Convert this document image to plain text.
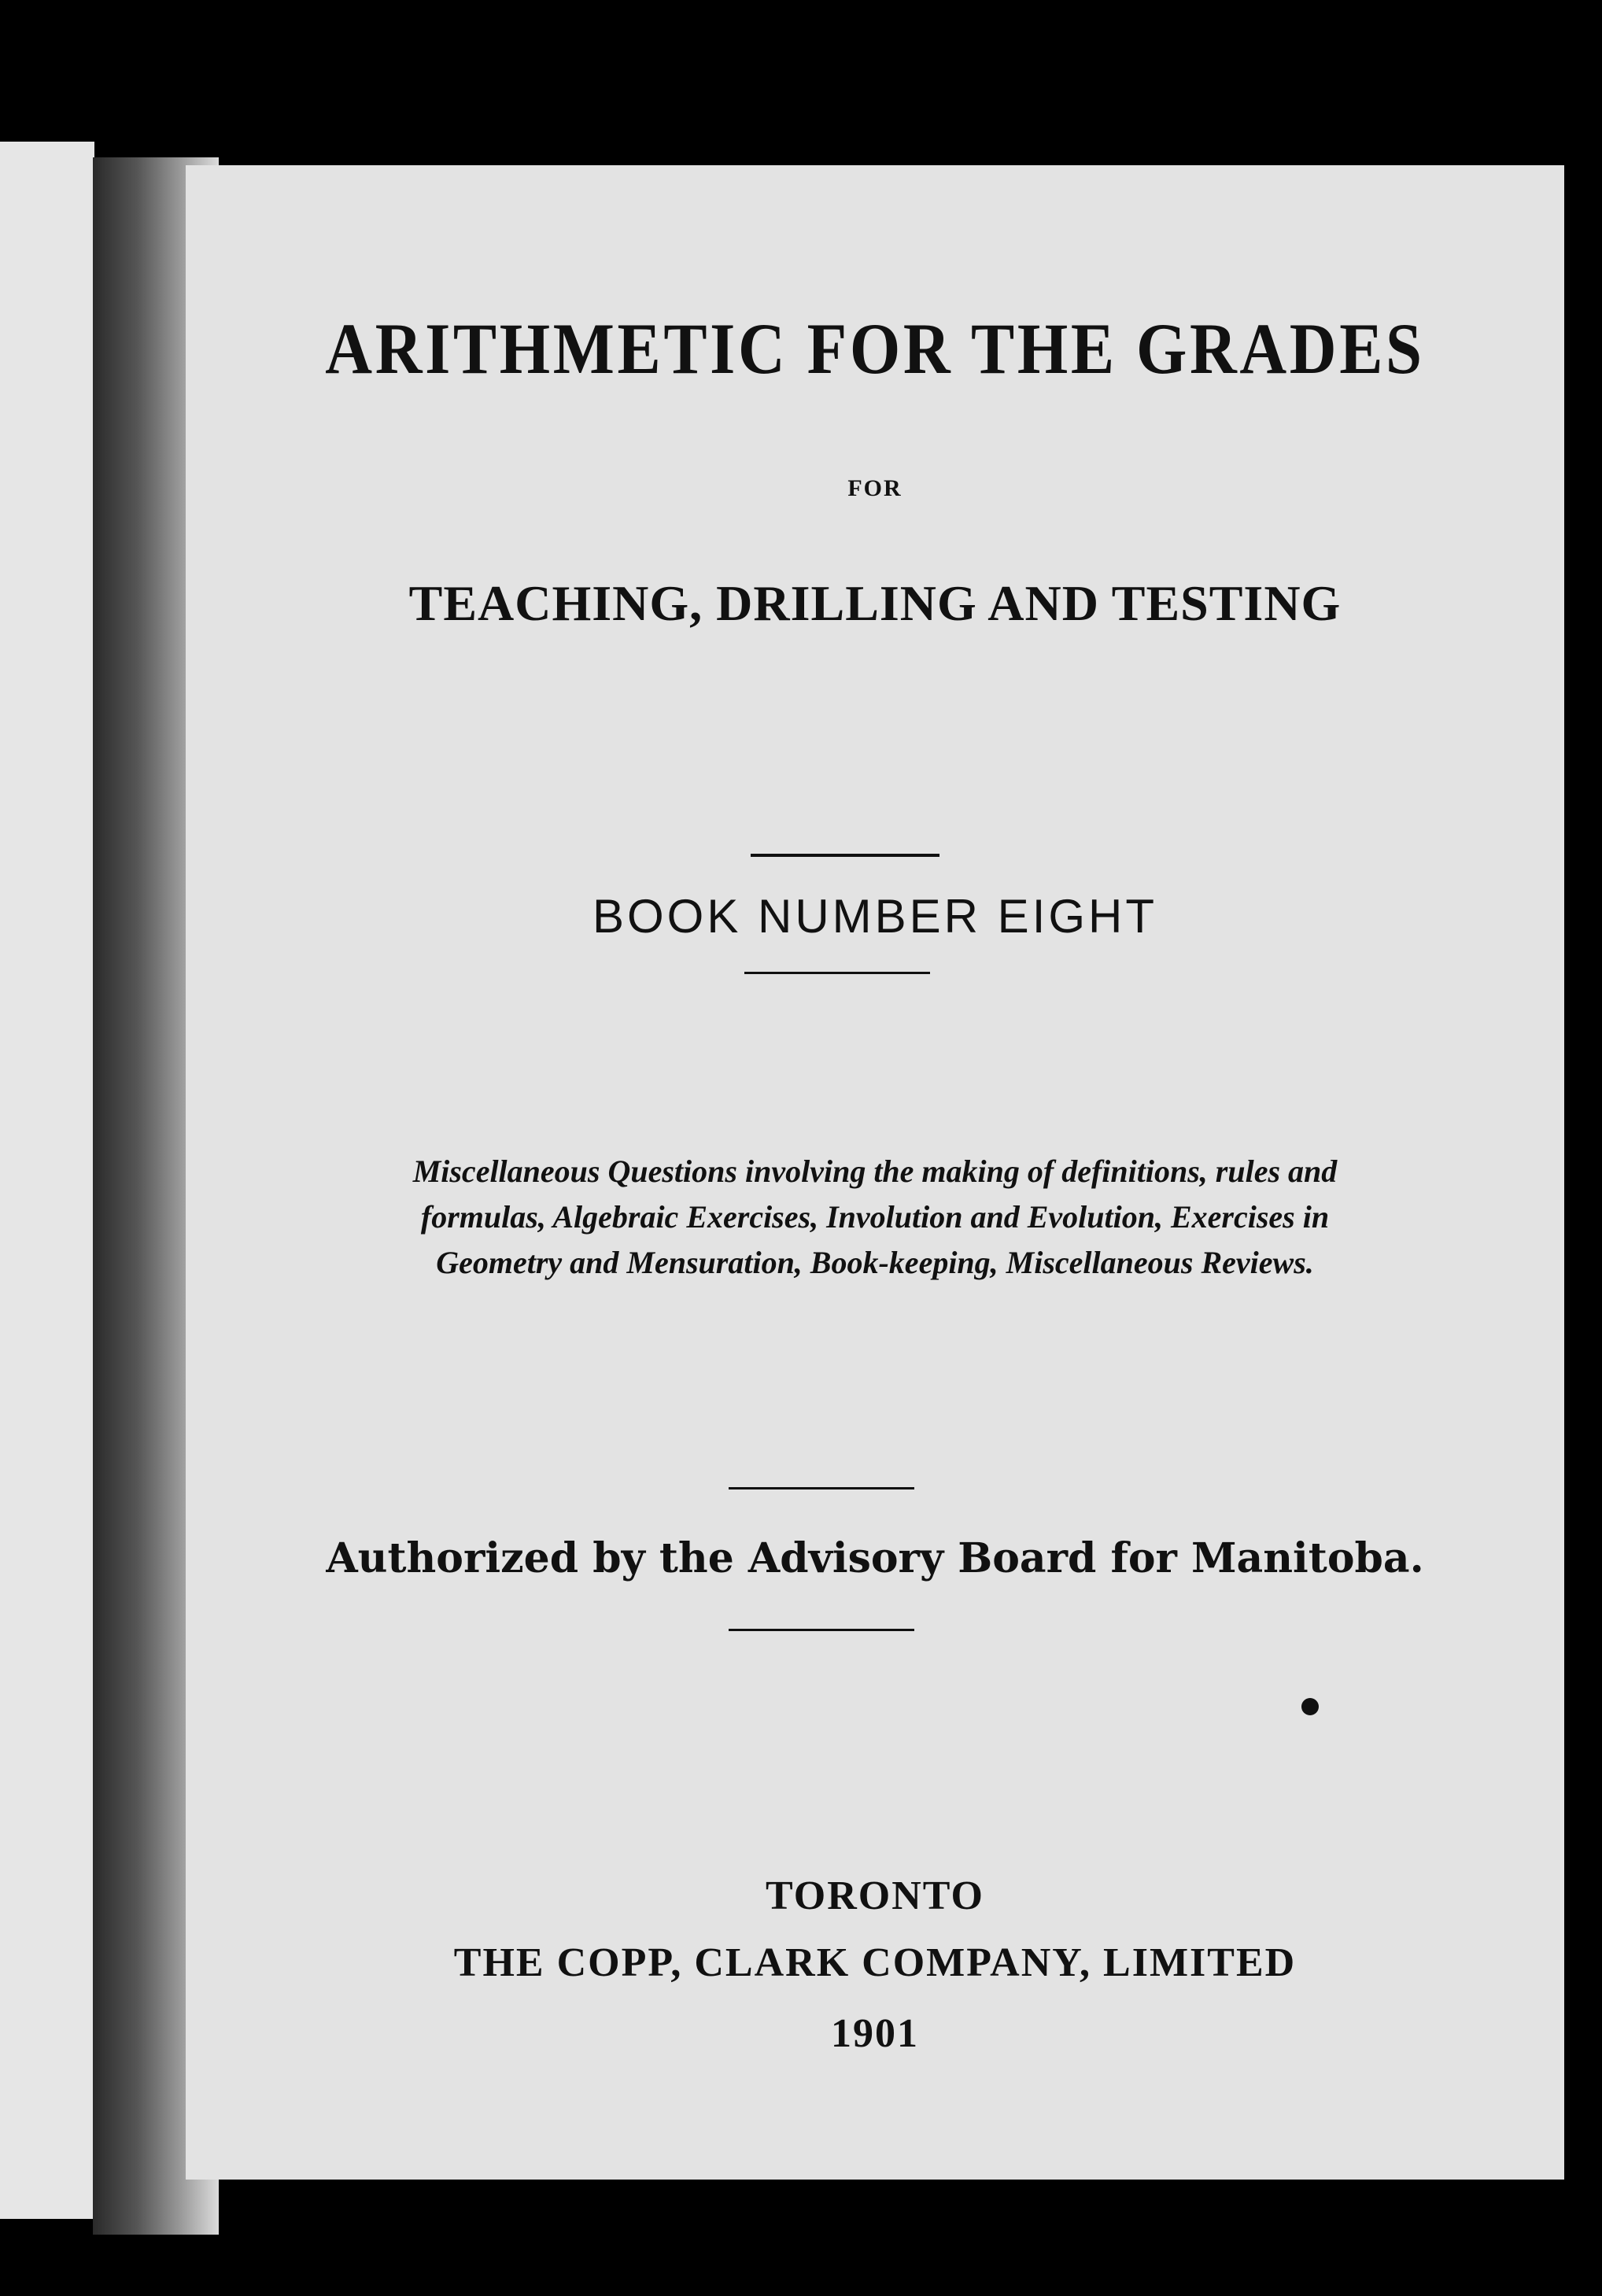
ARITHMETIC FOR THE GRADES
FOR
TEACHING, DRILLING AND TESTING
BOOK NUMBER EIGHT
Miscellaneous Questions involving the making of definitions, rules and formulas, Algebraic Exercises, Involution and Evolution, Exercises in Geometry and Mensuration, Book-keeping, Miscellaneous Reviews.
Authorized by the Advisory Board for Manitoba.
TORONTO
THE COPP, CLARK COMPANY, LIMITED
1901
